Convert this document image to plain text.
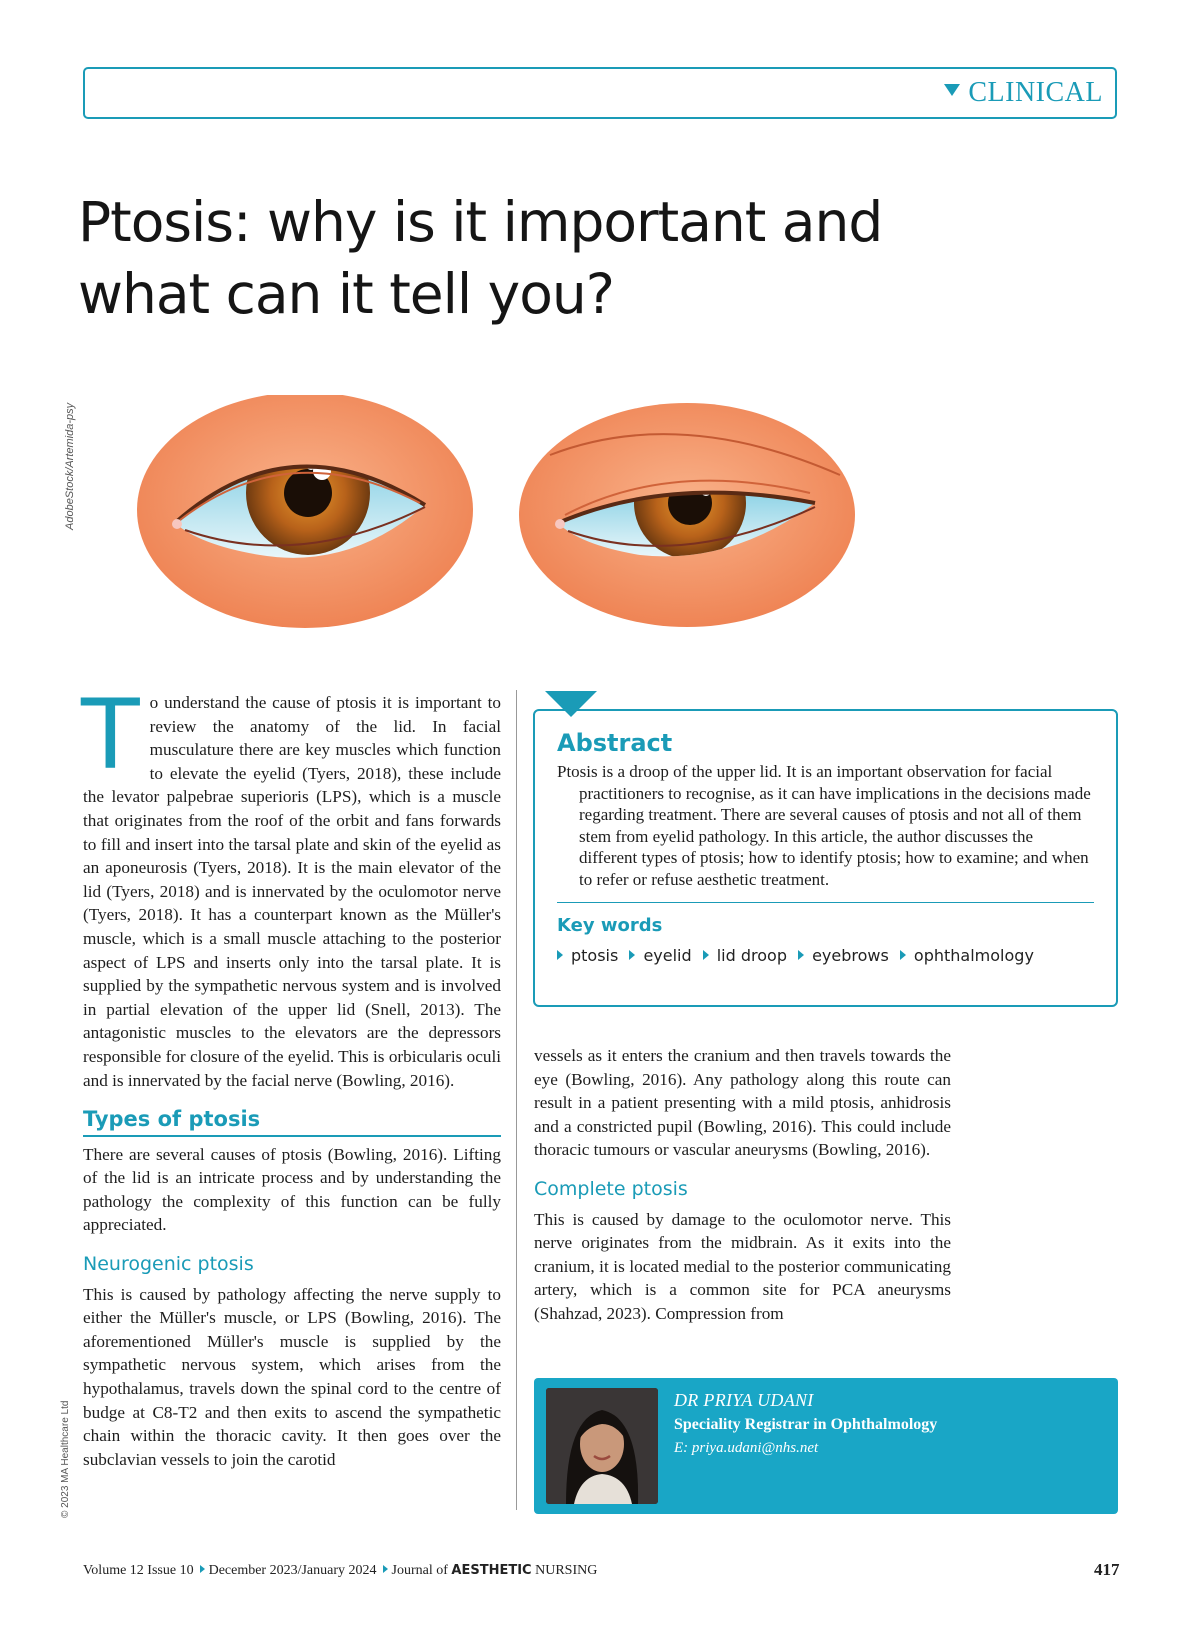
CLINICAL
Ptosis: why is it important and
what can it tell you?
AdobeStock/Artemida-psy
T o understand the cause of ptosis it is important to review the anatomy of the lid. In facial musculature there are key muscles which function to elevate the eyelid (Tyers, 2018), these include the levator palpebrae superioris (LPS), which is a muscle that originates from the roof of the orbit and fans forwards to fill and insert into the tarsal plate and skin of the eyelid as an aponeurosis (Tyers, 2018). It is the main elevator of the lid (Tyers, 2018) and is innervated by the oculomotor nerve (Tyers, 2018). It has a counterpart known as the Müller's muscle, which is a small muscle attaching to the posterior aspect of LPS and inserts only into the tarsal plate. It is supplied by the sympathetic nervous system and is involved in partial elevation of the upper lid (Snell, 2013). The antagonistic muscles to the elevators are the depressors responsible for closure of the eyelid. This is orbicularis oculi and is innervated by the facial nerve (Bowling, 2016).

Types of ptosis

There are several causes of ptosis (Bowling, 2016). Lifting of the lid is an intricate process and by understanding the pathology the complexity of this function can be fully appreciated.

Neurogenic ptosis

This is caused by pathology affecting the nerve supply to either the Müller's muscle, or LPS (Bowling, 2016). The aforementioned Müller's muscle is supplied by the sympathetic nervous system, which arises from the hypothalamus, travels down the spinal cord to the centre of budge at C8-T2 and then exits to ascend the sympathetic chain within the thoracic cavity. It then goes over the subclavian vessels to join the carotid

© 2023 MA Healthcare Ltd
Abstract
Ptosis is a droop of the upper lid. It is an important observation for facial practitioners to recognise, as it can have implications in the decisions made regarding treatment. There are several causes of ptosis and not all of them stem from eyelid pathology. In this article, the author discusses the different types of ptosis; how to identify ptosis; how to examine; and when to refer or refuse aesthetic treatment.
Key words
ptosis eyelid lid droop eyebrows ophthalmology

vessels as it enters the cranium and then travels towards the eye (Bowling, 2016). Any pathology along this route can result in a patient presenting with a mild ptosis, anhidrosis and a constricted pupil (Bowling, 2016). This could include thoracic tumours or vascular aneurysms (Bowling, 2016).

Complete ptosis

This is caused by damage to the oculomotor nerve. This nerve originates from the midbrain. As it exits into the cranium, it is located medial to the posterior communicating artery, which is a common site for PCA aneurysms (Shahzad, 2023). Compression from

DR PRIYA UDANI
Speciality Registrar in Ophthalmology
E: priya.udani@nhs.net
Volume 12 Issue 10 December 2023/January 2024 Journal of AESTHETIC NURSING	417
